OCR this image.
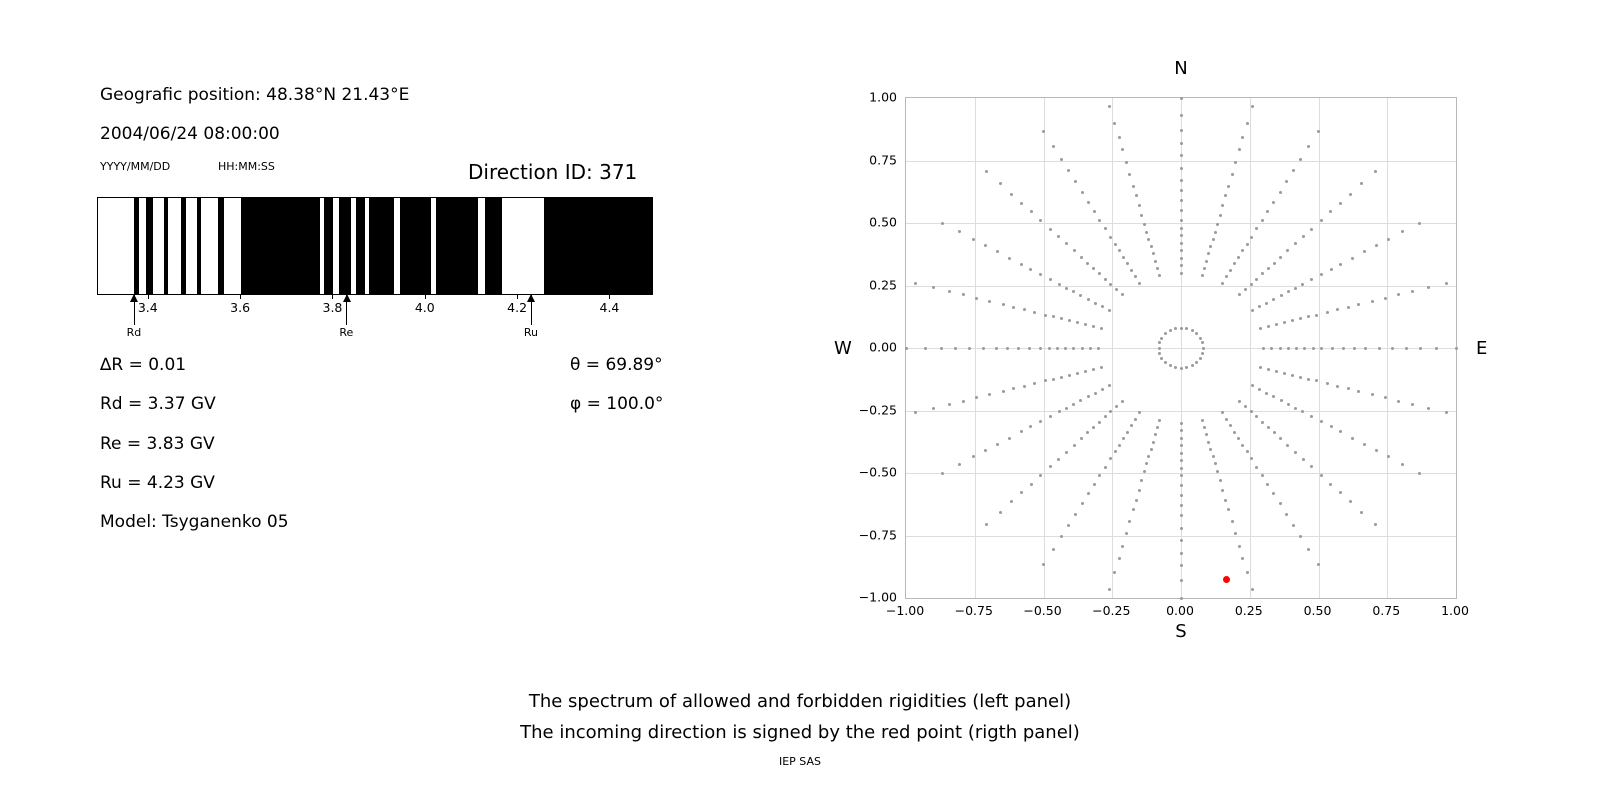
Geografic position: 48.38°N 21.43°E
2004/06/24 08:00:00
YYYY/MM/DD	HH:MM:SS	Direction ID: 371
3.4	3.6	3.8	4.0	4.2	4.4
Rd	Re	Ru
∆R = 0.01
Rd = 3.37 GV
Re = 3.83 GV
Ru = 4.23 GV
Model: Tsyganenko 05
θ = 69.89°
φ = 100.0°
N
S
W	E
−1.00 −0.75 −0.50 −0.25	0.00	0.25	0.50	0.75	1.00
−1.00
−0.75
−0.50
−0.25
0.00
0.25
0.50
0.75
1.00
The spectrum of allowed and forbidden rigidities (left panel)
The incoming direction is signed by the red point (rigth panel)
IEP SAS
